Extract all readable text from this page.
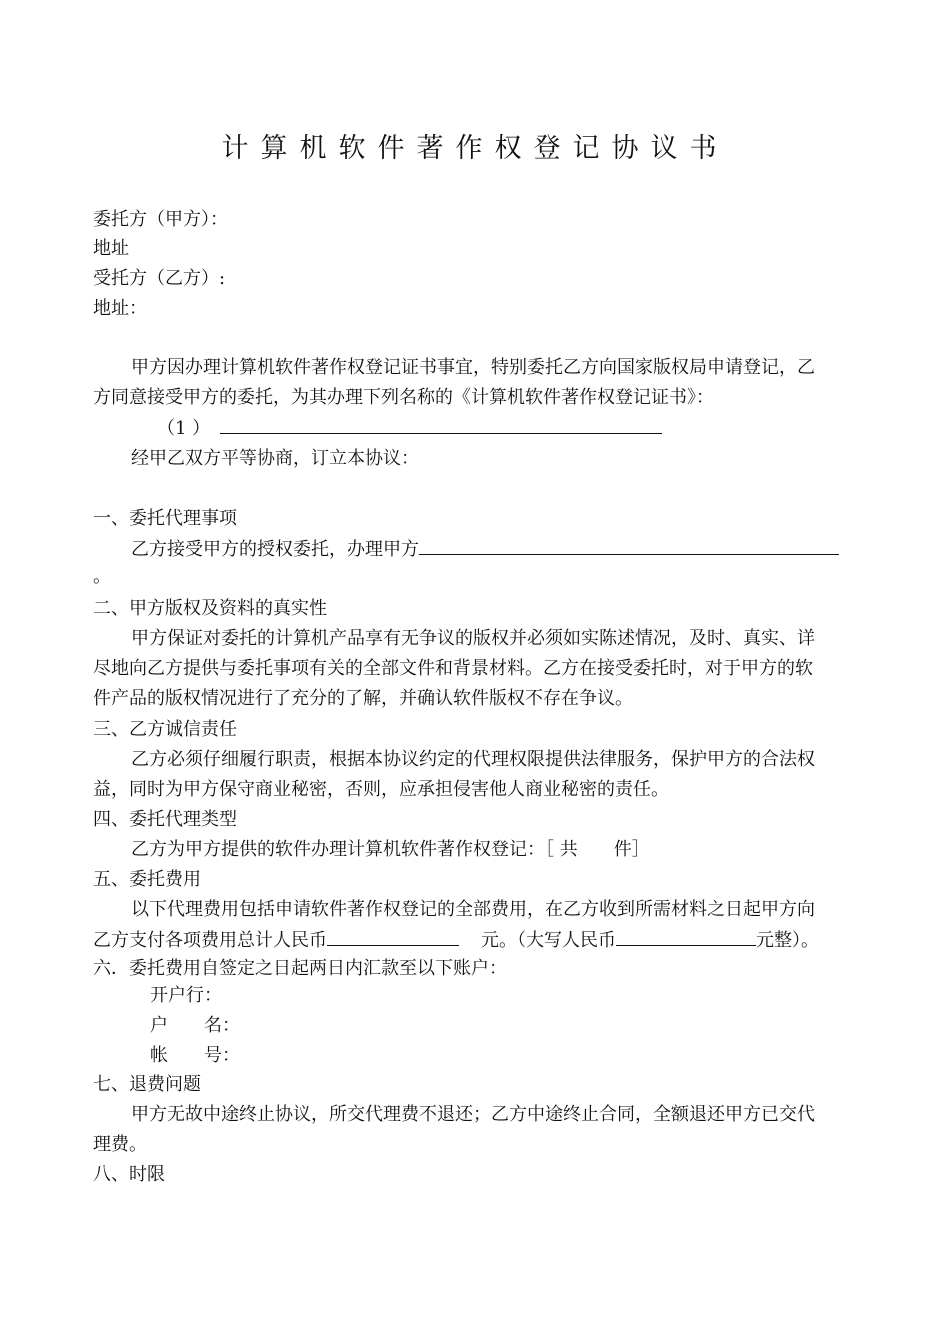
计算机软件著作权登记协议书
委托方（甲方）：
地址
受托方（乙方）:
地址：
甲方因办理计算机软件著作权登记证书事宜，特别委托乙方向国家版权局申请登记，乙
方同意接受甲方的委托，为其办理下列名称的《计算机软件著作权登记证书》：
（1 ）
经甲乙双方平等协商，订立本协议：
一、委托代理事项
乙方接受甲方的授权委托，办理甲方
。
二、甲方版权及资料的真实性
甲方保证对委托的计算机产品享有无争议的版权并必须如实陈述情况，及时、真实、详
尽地向乙方提供与委托事项有关的全部文件和背景材料。乙方在接受委托时，对于甲方的软
件产品的版权情况进行了充分的了解，并确认软件版权不存在争议。
三、乙方诚信责任
乙方必须仔细履行职责，根据本协议约定的代理权限提供法律服务，保护甲方的合法权
益，同时为甲方保守商业秘密，否则，应承担侵害他人商业秘密的责任。
四、委托代理类型
乙方为甲方提供的软件办理计算机软件著作权登记：［ 共　　件］
五、委托费用
以下代理费用包括申请软件著作权登记的全部费用，在乙方收到所需材料之日起甲方向
乙方支付各项费用总计人民币	元。（大写人民币	元整）。
六．委托费用自签定之日起两日内汇款至以下账户：
开户行：
户　　名：
帐　　号：
七、退费问题
甲方无故中途终止协议，所交代理费不退还；乙方中途终止合同，全额退还甲方已交代
理费。
八、时限
